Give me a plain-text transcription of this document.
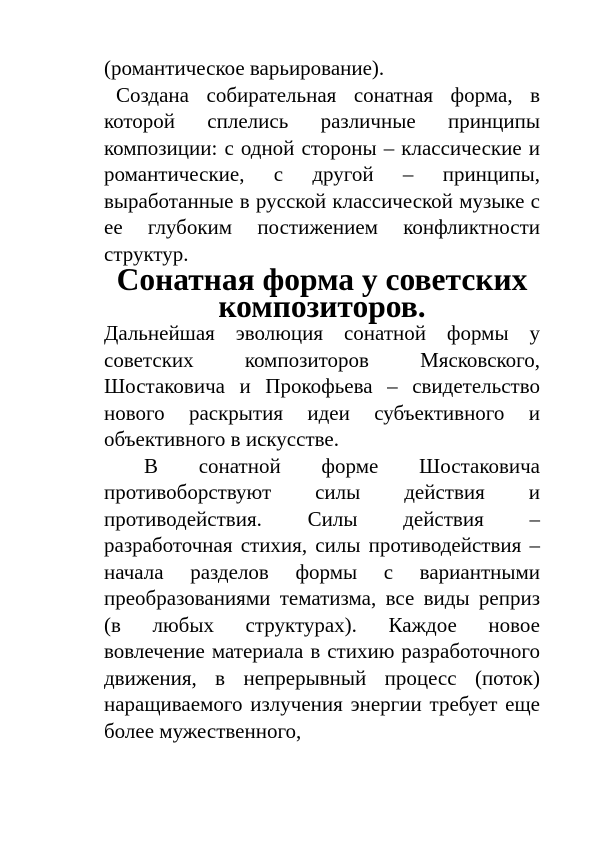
(романтическое варьирование).

Создана собирательная сонатная форма, в которой сплелись различные принципы композиции: с одной стороны – классические и романтические, с другой – принципы, выработанные в русской классической музыке с ее глубоким постижением конфликтности структур.

Сонатная форма у советских
композиторов.

Дальнейшая эволюция сонатной формы у советских композиторов Мясковского, Шостаковича и Прокофьева – свидетельство нового раскрытия идеи субъективного и объективного в искусстве.

В сонатной форме Шостаковича противоборствуют силы действия и противодействия. Силы действия – разработочная стихия, силы противодействия – начала разделов формы с вариантными преобразованиями тематизма, все виды реприз (в любых структурах). Каждое новое вовлечение материала в стихию разработочного движения, в непрерывный процесс (поток) наращиваемого излучения энергии требует еще более мужественного,
